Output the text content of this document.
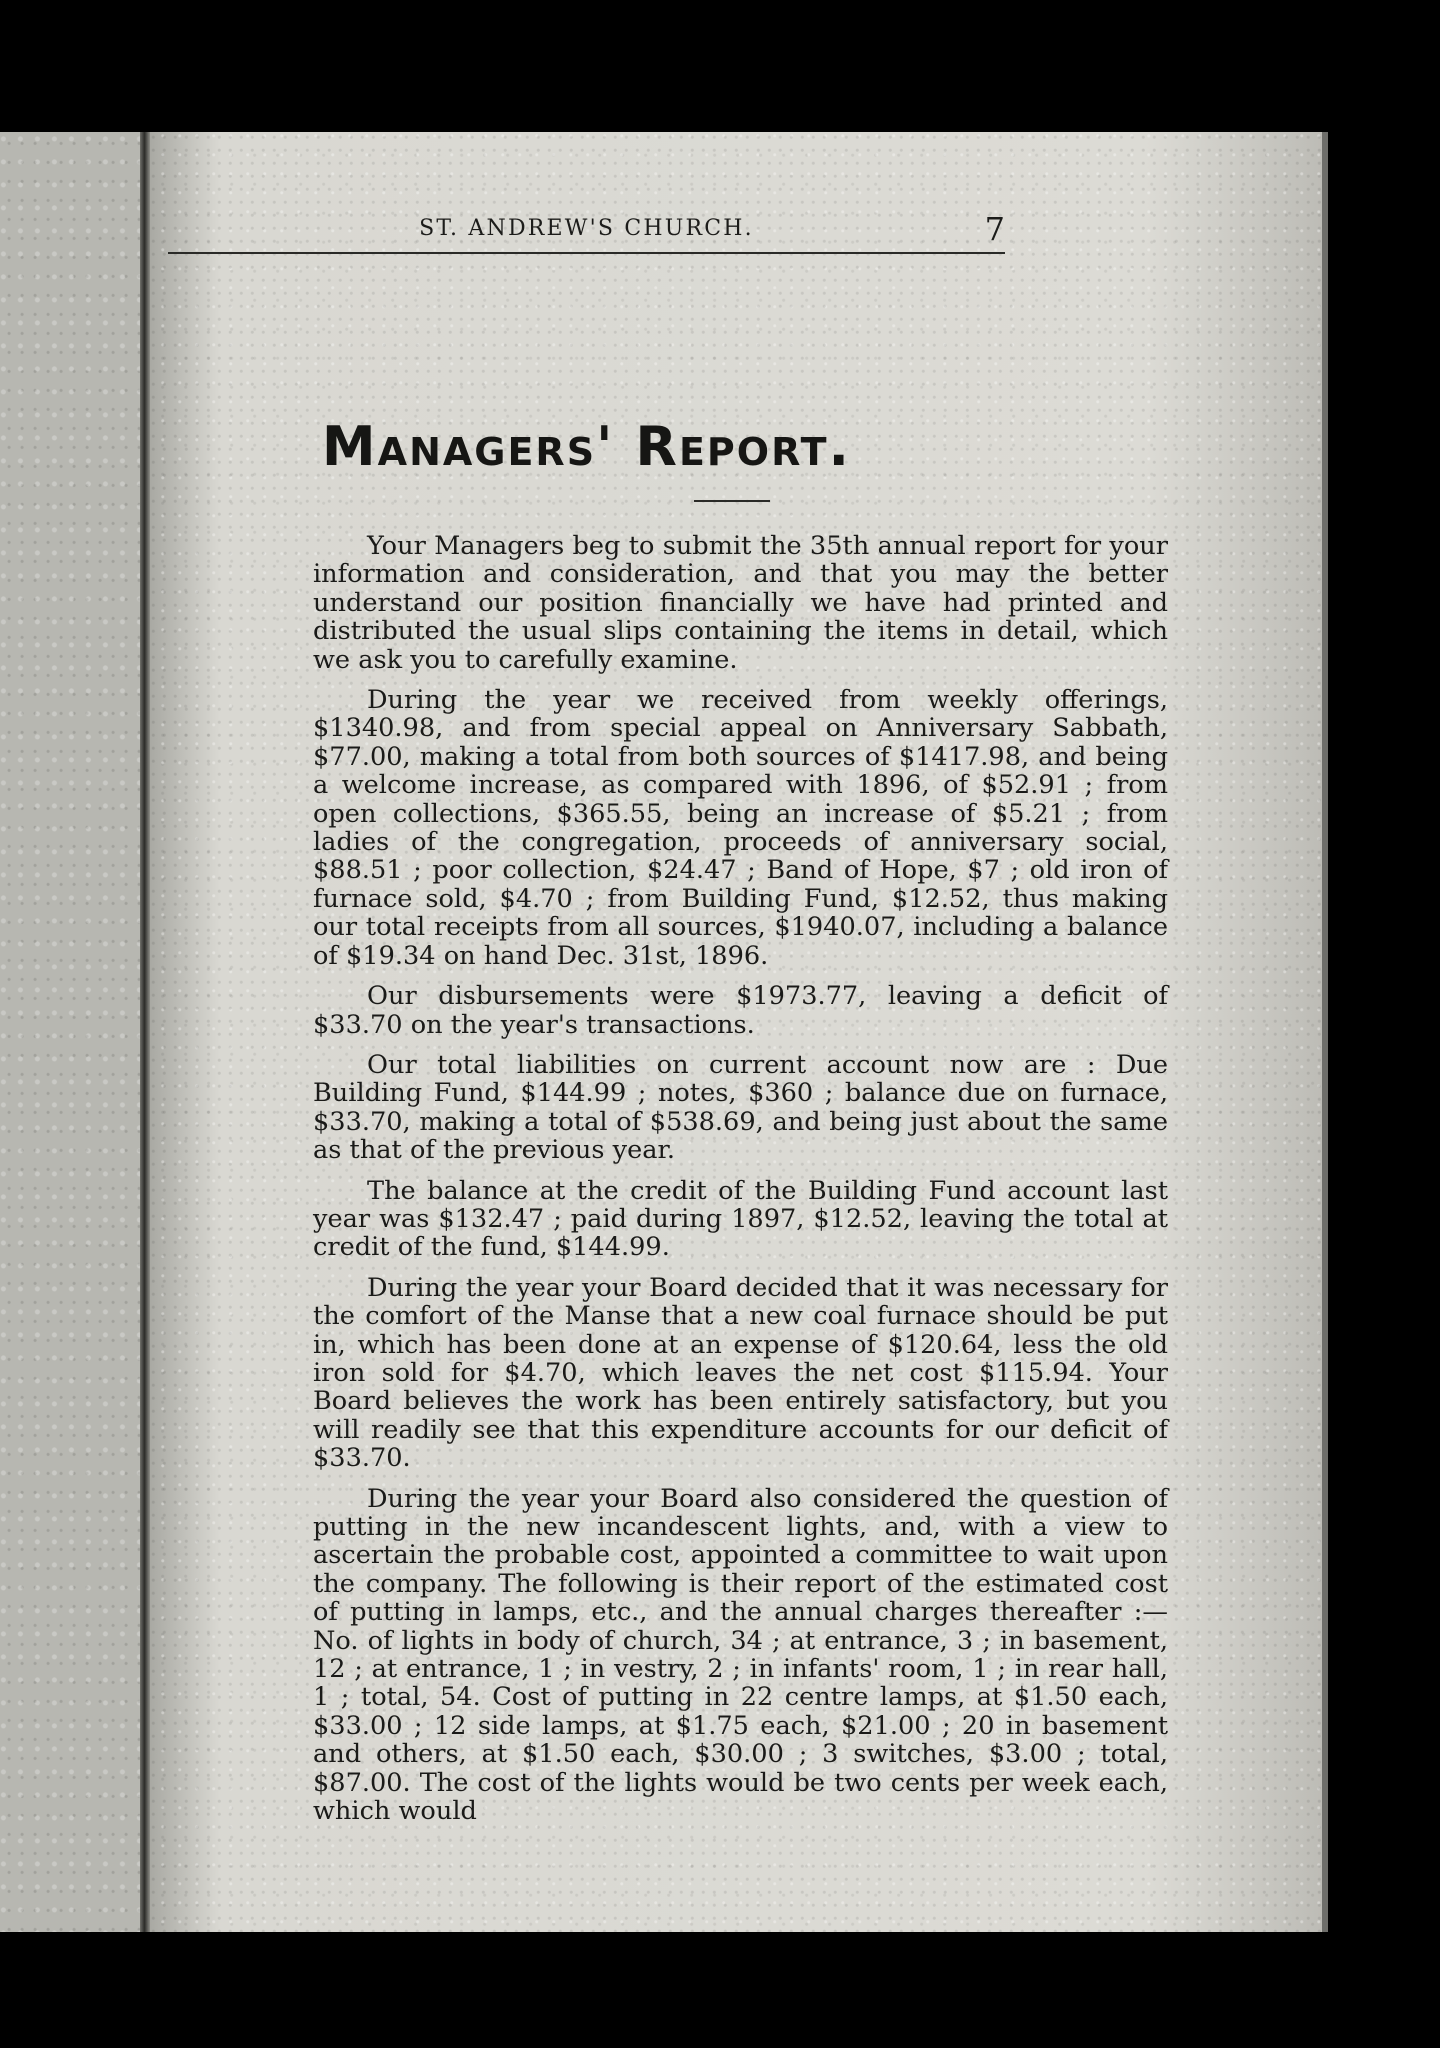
ST. ANDREW'S CHURCH.	7
Managers' Report.

Your Managers beg to submit the 35th annual report for your information and consideration, and that you may the better understand our position financially we have had printed and distributed the usual slips containing the items in detail, which we ask you to carefully examine.

During the year we received from weekly offerings, $1340.98, and from special appeal on Anniversary Sabbath, $77.00, making a total from both sources of $1417.98, and being a welcome increase, as compared with 1896, of $52.91 ; from open collections, $365.55, being an increase of $5.21 ; from ladies of the congregation, proceeds of anniversary social, $88.51 ; poor collection, $24.47 ; Band of Hope, $7 ; old iron of furnace sold, $4.70 ; from Building Fund, $12.52, thus making our total receipts from all sources, $1940.07, including a balance of $19.34 on hand Dec. 31st, 1896.

Our disbursements were $1973.77, leaving a deficit of $33.70 on the year's transactions.

Our total liabilities on current account now are : Due Building Fund, $144.99 ; notes, $360 ; balance due on furnace, $33.70, making a total of $538.69, and being just about the same as that of the previous year.

The balance at the credit of the Building Fund account last year was $132.47 ; paid during 1897, $12.52, leaving the total at credit of the fund, $144.99.

During the year your Board decided that it was necessary for the comfort of the Manse that a new coal furnace should be put in, which has been done at an expense of $120.64, less the old iron sold for $4.70, which leaves the net cost $115.94. Your Board believes the work has been entirely satisfactory, but you will readily see that this expenditure accounts for our deficit of $33.70.

During the year your Board also considered the question of putting in the new incandescent lights, and, with a view to ascertain the probable cost, appointed a committee to wait upon the company. The following is their report of the estimated cost of putting in lamps, etc., and the annual charges thereafter :—No. of lights in body of church, 34 ; at entrance, 3 ; in basement, 12 ; at entrance, 1 ; in vestry, 2 ; in infants' room, 1 ; in rear hall, 1 ; total, 54. Cost of putting in 22 centre lamps, at $1.50 each, $33.00 ; 12 side lamps, at $1.75 each, $21.00 ; 20 in basement and others, at $1.50 each, $30.00 ; 3 switches, $3.00 ; total, $87.00. The cost of the lights would be two cents per week each, which would
